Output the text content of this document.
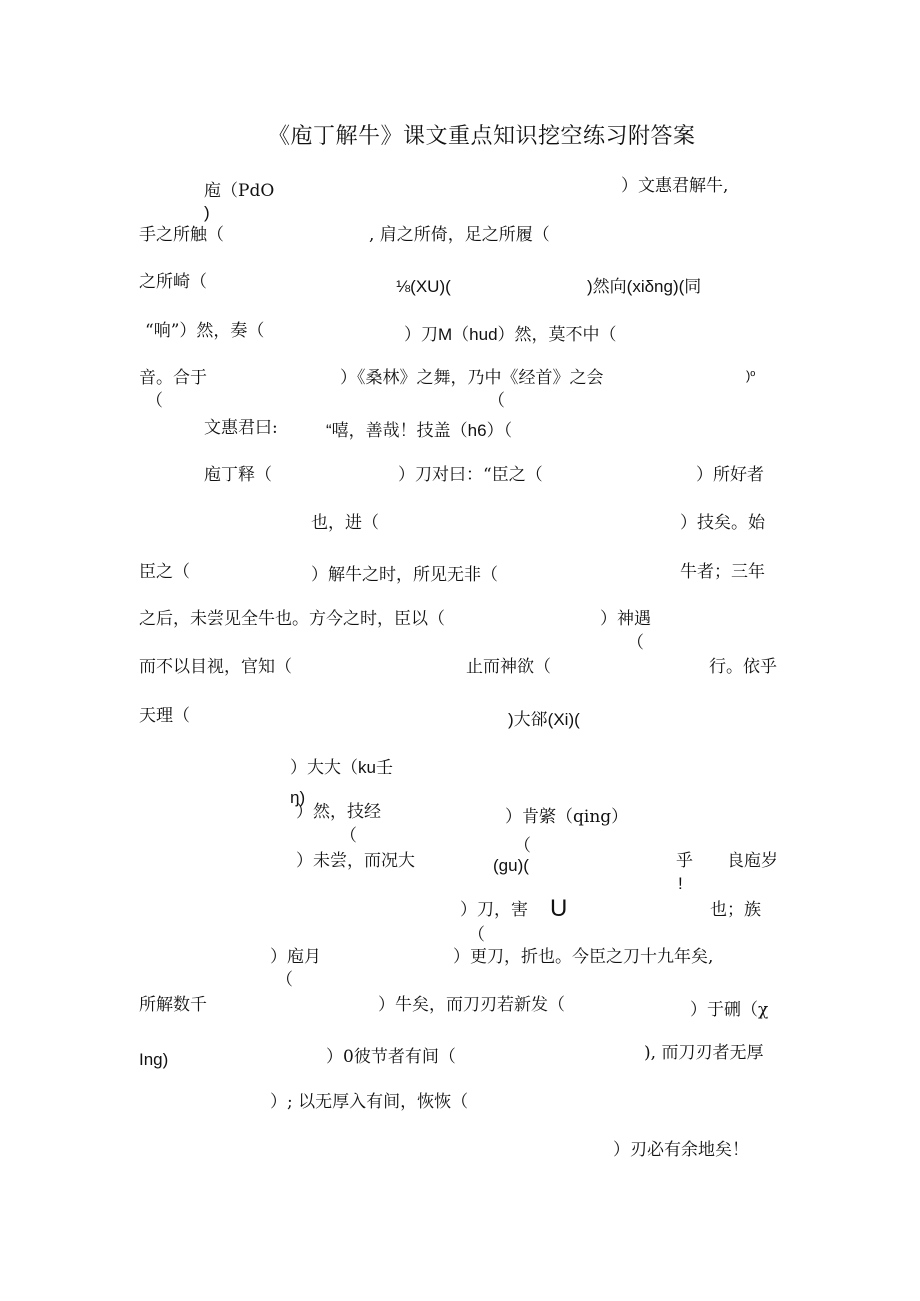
《庖丁解牛》课文重点知识挖空练习附答案
庖（PdO
)
）文惠君解牛,
手之所触（	, 肩之所倚，足之所履（
之所崎（	⅛(XU)(	)然向(xiδng)(同
“响”）然，奏（	）刀M（hud）然，莫不中（
音。合于
（
）《桑林》之舞，乃中《经首》之会
（
)º
文惠君曰:	“嘻，善哉！技盖（h6）（
庖丁释（	）刀对曰：“臣之（	）所好者
也，进（	）技矣。始
臣之（	）解牛之时，所见无非（	牛者；三年
之后，未尝见全牛也。方今之时，臣以（	）神遇
（
而不以目视，官知（	止而神欲（	行。依乎
天理（	)大郤(Xi)(
）大大（ku壬
ŋ)
）然，技经
（
）肯綮（qing）
（
）未尝，而况大	(gu)(	乎 良庖岁
!
）刀，害 U	也；族
（
）庖月
（
）更刀，折也。今臣之刀十九年矣,
所解数千	）牛矣，而刀刃若新发（	）于硎（χ
Ing)	）0彼节者有间（	), 而刀刃者无厚
）; 以无厚入有间，恢恢（
）刃必有余地矣！
